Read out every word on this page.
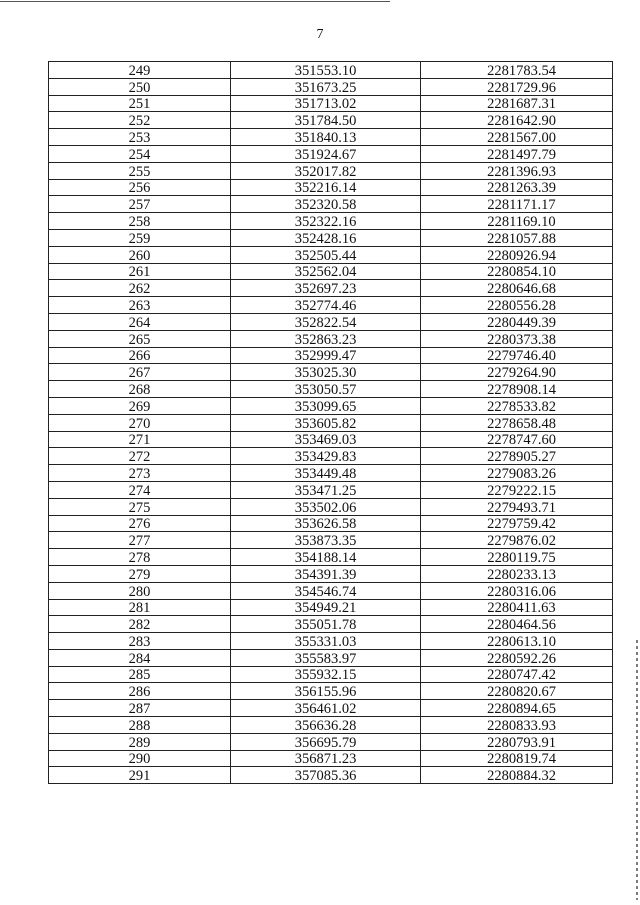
7
249	351553.10	2281783.54
250	351673.25	2281729.96
251	351713.02	2281687.31
252	351784.50	2281642.90
253	351840.13	2281567.00
254	351924.67	2281497.79
255	352017.82	2281396.93
256	352216.14	2281263.39
257	352320.58	2281171.17
258	352322.16	2281169.10
259	352428.16	2281057.88
260	352505.44	2280926.94
261	352562.04	2280854.10
262	352697.23	2280646.68
263	352774.46	2280556.28
264	352822.54	2280449.39
265	352863.23	2280373.38
266	352999.47	2279746.40
267	353025.30	2279264.90
268	353050.57	2278908.14
269	353099.65	2278533.82
270	353605.82	2278658.48
271	353469.03	2278747.60
272	353429.83	2278905.27
273	353449.48	2279083.26
274	353471.25	2279222.15
275	353502.06	2279493.71
276	353626.58	2279759.42
277	353873.35	2279876.02
278	354188.14	2280119.75
279	354391.39	2280233.13
280	354546.74	2280316.06
281	354949.21	2280411.63
282	355051.78	2280464.56
283	355331.03	2280613.10
284	355583.97	2280592.26
285	355932.15	2280747.42
286	356155.96	2280820.67
287	356461.02	2280894.65
288	356636.28	2280833.93
289	356695.79	2280793.91
290	356871.23	2280819.74
291	357085.36	2280884.32
